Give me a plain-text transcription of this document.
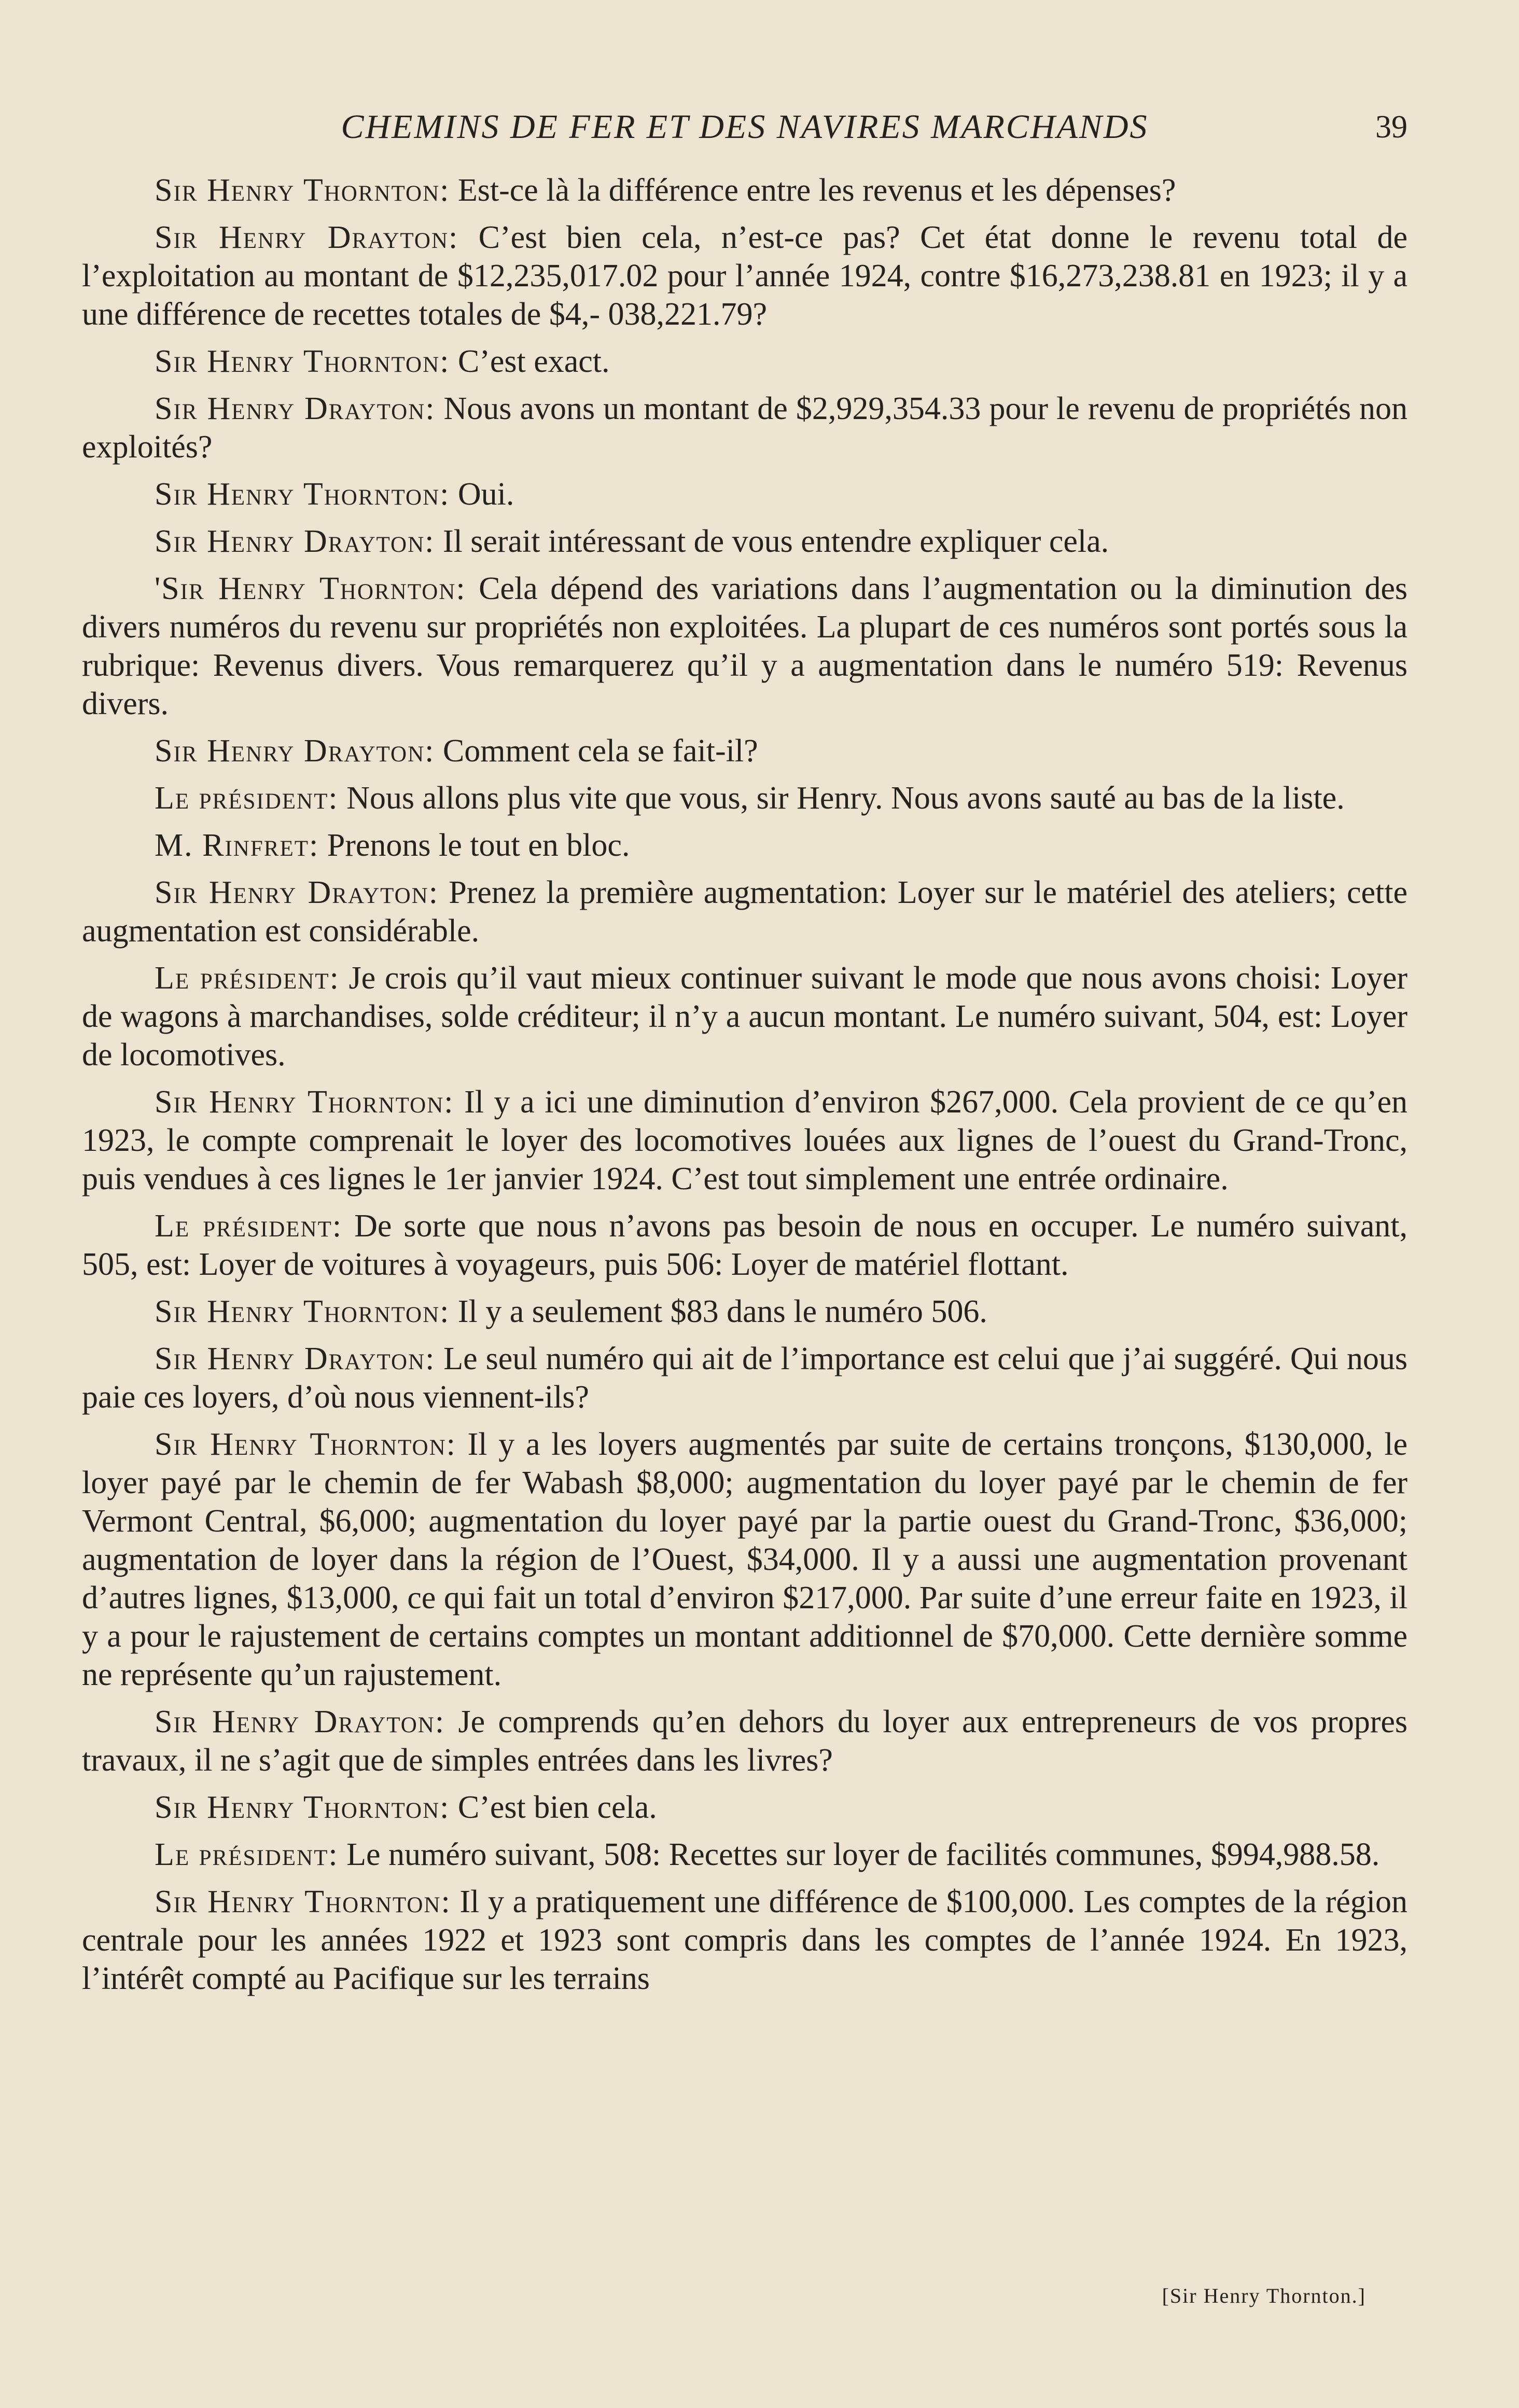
CHEMINS DE FER ET DES NAVIRES MARCHANDS	39

Sir Henry Thornton: Est-ce là la différence entre les revenus et les dépenses?

Sir Henry Drayton: C’est bien cela, n’est-ce pas? Cet état donne le revenu total de l’exploitation au montant de $12,235,017.02 pour l’année 1924, contre $16,273,238.81 en 1923; il y a une différence de recettes totales de $4,- 038,221.79?

Sir Henry Thornton: C’est exact.

Sir Henry Drayton: Nous avons un montant de $2,929,354.33 pour le revenu de propriétés non exploités?

Sir Henry Thornton: Oui.

Sir Henry Drayton: Il serait intéressant de vous entendre expliquer cela.

'Sir Henry Thornton: Cela dépend des variations dans l’augmentation ou la diminution des divers numéros du revenu sur propriétés non exploitées. La plupart de ces numéros sont portés sous la rubrique: Revenus divers. Vous remarquerez qu’il y a augmentation dans le numéro 519: Revenus divers.

Sir Henry Drayton: Comment cela se fait-il?

Le président: Nous allons plus vite que vous, sir Henry. Nous avons sauté au bas de la liste.

M. Rinfret: Prenons le tout en bloc.

Sir Henry Drayton: Prenez la première augmentation: Loyer sur le matériel des ateliers; cette augmentation est considérable.

Le président: Je crois qu’il vaut mieux continuer suivant le mode que nous avons choisi: Loyer de wagons à marchandises, solde créditeur; il n’y a aucun montant. Le numéro suivant, 504, est: Loyer de locomotives.

Sir Henry Thornton: Il y a ici une diminution d’environ $267,000. Cela provient de ce qu’en 1923, le compte comprenait le loyer des locomotives louées aux lignes de l’ouest du Grand-Tronc, puis vendues à ces lignes le 1er janvier 1924. C’est tout simplement une entrée ordinaire.

Le président: De sorte que nous n’avons pas besoin de nous en occuper. Le numéro suivant, 505, est: Loyer de voitures à voyageurs, puis 506: Loyer de matériel flottant.

Sir Henry Thornton: Il y a seulement $83 dans le numéro 506.

Sir Henry Drayton: Le seul numéro qui ait de l’importance est celui que j’ai suggéré. Qui nous paie ces loyers, d’où nous viennent-ils?

Sir Henry Thornton: Il y a les loyers augmentés par suite de certains tronçons, $130,000, le loyer payé par le chemin de fer Wabash $8,000; augmentation du loyer payé par le chemin de fer Vermont Central, $6,000; augmentation du loyer payé par la partie ouest du Grand-Tronc, $36,000; augmentation de loyer dans la région de l’Ouest, $34,000. Il y a aussi une augmentation provenant d’autres lignes, $13,000, ce qui fait un total d’environ $217,000. Par suite d’une erreur faite en 1923, il y a pour le rajustement de certains comptes un montant additionnel de $70,000. Cette dernière somme ne représente qu’un rajustement.

Sir Henry Drayton: Je comprends qu’en dehors du loyer aux entrepreneurs de vos propres travaux, il ne s’agit que de simples entrées dans les livres?

Sir Henry Thornton: C’est bien cela.

Le président: Le numéro suivant, 508: Recettes sur loyer de facilités communes, $994,988.58.

Sir Henry Thornton: Il y a pratiquement une différence de $100,000. Les comptes de la région centrale pour les années 1922 et 1923 sont compris dans les comptes de l’année 1924. En 1923, l’intérêt compté au Pacifique sur les terrains

[Sir Henry Thornton.]
